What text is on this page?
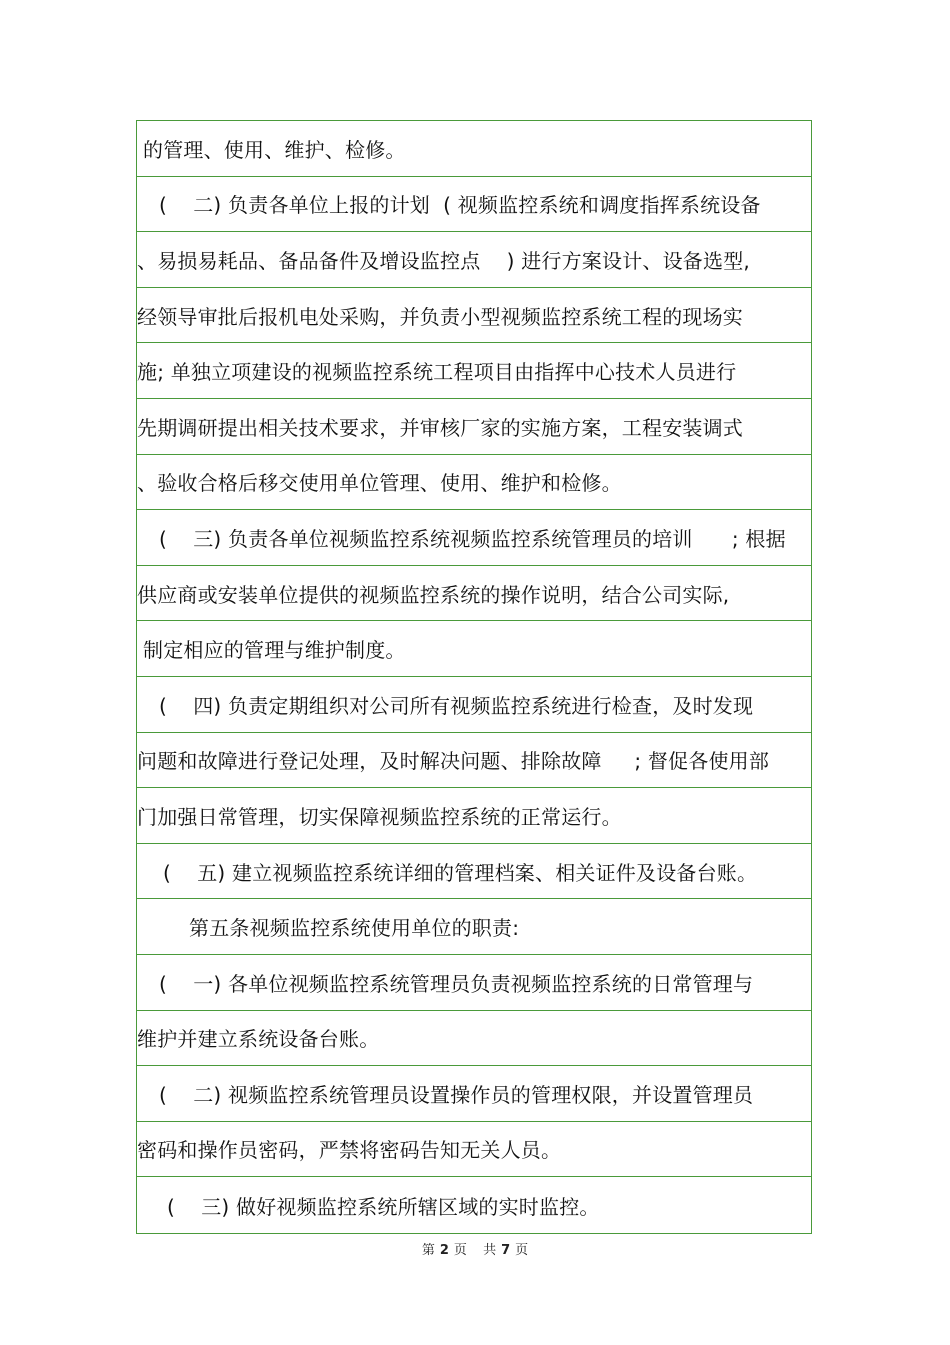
的管理、使用、维护、检修。
(    二) 负责各单位上报的计划  ( 视频监控系统和调度指挥系统设备
、易损易耗品、备品备件及增设监控点    ) 进行方案设计、设备选型,
经领导审批后报机电处采购，并负责小型视频监控系统工程的现场实
施; 单独立项建设的视频监控系统工程项目由指挥中心技术人员进行
先期调研提出相关技术要求，并审核厂家的实施方案，工程安装调式
、验收合格后移交使用单位管理、使用、维护和检修。
(    三) 负责各单位视频监控系统视频监控系统管理员的培训      ; 根据
供应商或安装单位提供的视频监控系统的操作说明，结合公司实际,
制定相应的管理与维护制度。
(    四) 负责定期组织对公司所有视频监控系统进行检查，及时发现
问题和故障进行登记处理，及时解决问题、排除故障     ; 督促各使用部
门加强日常管理，切实保障视频监控系统的正常运行。
(    五) 建立视频监控系统详细的管理档案、相关证件及设备台账。
第五条视频监控系统使用单位的职责:
(    一) 各单位视频监控系统管理员负责视频监控系统的日常管理与
维护并建立系统设备台账。
(    二) 视频监控系统管理员设置操作员的管理权限，并设置管理员
密码和操作员密码，严禁将密码告知无关人员。
(    三) 做好视频监控系统所辖区域的实时监控。
第 2 页 共 7 页
